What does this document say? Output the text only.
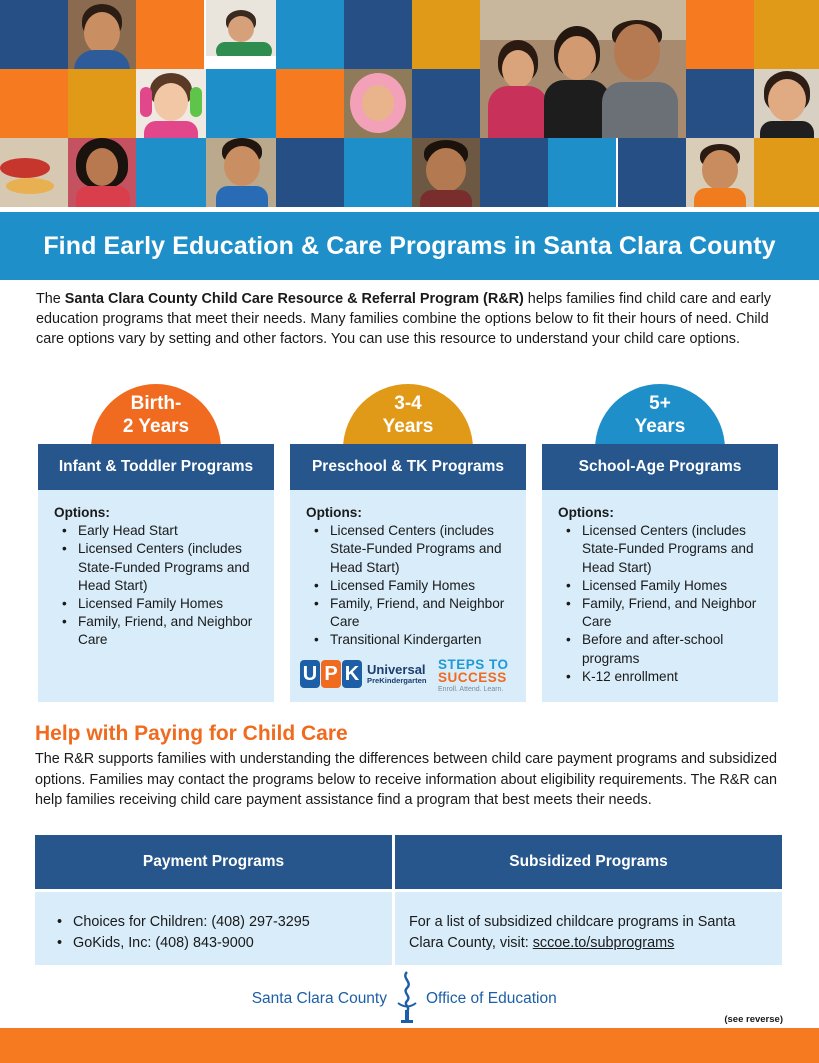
Find Early Education & Care Programs in Santa Clara County

The Santa Clara County Child Care Resource & Referral Program (R&R) helps families find child care and early education programs that meet their needs. Many families combine the options below to fit their hours of need. Child care options vary by setting and other factors. You can use this resource to understand your child care options.

Birth-
2 Years
Infant & Toddler Programs
Options:
• Early Head Start
• Licensed Centers (includes State-Funded Programs and Head Start)
• Licensed Family Homes
• Family, Friend, and Neighbor Care
3-4
Years
Preschool & TK Programs
Options:
• Licensed Centers (includes State-Funded Programs and Head Start)
• Licensed Family Homes
• Family, Friend, and Neighbor Care
• Transitional Kindergarten
U P K Universal
PreKindergarten
STEPS TO
SUCCESS
Enroll. Attend. Learn.
5+
Years
School-Age Programs
Options:
• Licensed Centers (includes State-Funded Programs and Head Start)
• Licensed Family Homes
• Family, Friend, and Neighbor Care
• Before and after-school programs
• K-12 enrollment
Help with Paying for Child Care

The R&R supports families with understanding the differences between child care payment programs and subsidized options. Families may contact the programs below to receive information about eligibility requirements. The R&R can help families receiving child care payment assistance find a program that best meets their needs.

Payment Programs
• Choices for Children: (408) 297-3295
• GoKids, Inc: (408) 843-9000
Subsidized Programs
For a list of subsidized childcare programs in Santa Clara County, visit: sccoe.to/subprograms
Santa Clara County	Office of Education
(see reverse)
